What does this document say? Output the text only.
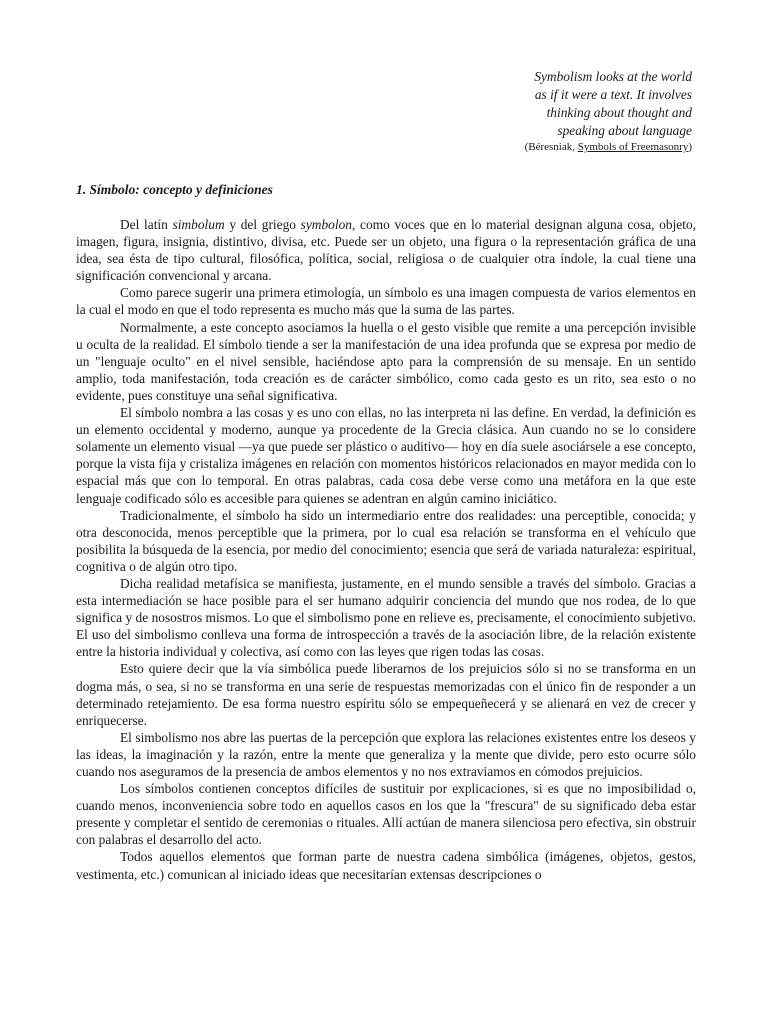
Symbolism looks at the world
as if it were a text. It involves
thinking about thought and
speaking about language
(Béresniak, Symbols of Freemasonry)
1. Símbolo: concepto y definiciones

Del latín simbolum y del griego symbolon, como voces que en lo material designan alguna cosa, objeto, imagen, figura, insignia, distintivo, divisa, etc. Puede ser un objeto, una figura o la representación gráfica de una idea, sea ésta de tipo cultural, filosófica, política, social, religiosa o de cualquier otra índole, la cual tiene una significación convencional y arcana.

Como parece sugerir una primera etimología, un símbolo es una imagen compuesta de varios elementos en la cual el modo en que el todo representa es mucho más que la suma de las partes.

Normalmente, a este concepto asociamos la huella o el gesto visible que remite a una percepción invisible u oculta de la realidad. El símbolo tiende a ser la manifestación de una idea profunda que se expresa por medio de un "lenguaje oculto" en el nivel sensible, haciéndose apto para la comprensión de su mensaje. En un sentido amplio, toda manifestación, toda creación es de carácter simbólico, como cada gesto es un rito, sea esto o no evidente, pues constituye una señal significativa.

El símbolo nombra a las cosas y es uno con ellas, no las interpreta ni las define. En verdad, la definición es un elemento occidental y moderno, aunque ya procedente de la Grecia clásica. Aun cuando no se lo considere solamente un elemento visual —ya que puede ser plástico o auditivo— hoy en día suele asociársele a ese concepto, porque la vista fija y cristaliza imágenes en relación con momentos históricos relacionados en mayor medida con lo espacial más que con lo temporal. En otras palabras, cada cosa debe verse como una metáfora en la que este lenguaje codificado sólo es accesible para quienes se adentran en algún camino iniciático.

Tradicionalmente, el símbolo ha sido un intermediario entre dos realidades: una perceptible, conocida; y otra desconocida, menos perceptible que la primera, por lo cual esa relación se transforma en el vehículo que posibilita la búsqueda de la esencia, por medio del conocimiento; esencia que será de variada naturaleza: espiritual, cognitiva o de algún otro tipo.

Dicha realidad metafísica se manifiesta, justamente, en el mundo sensible a través del símbolo. Gracias a esta intermediación se hace posible para el ser humano adquirir conciencia del mundo que nos rodea, de lo que significa y de nosostros mismos. Lo que el simbolismo pone en relieve es, precisamente, el conocimiento subjetivo. El uso del simbolismo conlleva una forma de introspección a través de la asociación libre, de la relación existente entre la historia individual y colectiva, así como con las leyes que rigen todas las cosas.

Esto quiere decir que la vía simbólica puede liberarnos de los prejuicios sólo si no se transforma en un dogma más, o sea, si no se transforma en una serie de respuestas memorizadas con el único fin de responder a un determinado retejamiento. De esa forma nuestro espíritu sólo se empequeñecerá y se alienará en vez de crecer y enriquecerse.

El simbolismo nos abre las puertas de la percepción que explora las relaciones existentes entre los deseos y las ideas, la imaginación y la razón, entre la mente que generaliza y la mente que divide, pero esto ocurre sólo cuando nos aseguramos de la presencia de ambos elementos y no nos extraviamos en cómodos prejuicios.

Los símbolos contienen conceptos difíciles de sustituir por explicaciones, si es que no imposibilidad o, cuando menos, inconveniencia sobre todo en aquellos casos en los que la "frescura" de su significado deba estar presente y completar el sentido de ceremonias o rituales. Allí actúan de manera silenciosa pero efectiva, sin obstruir con palabras el desarrollo del acto.

Todos aquellos elementos que forman parte de nuestra cadena simbólica (imágenes, objetos, gestos, vestimenta, etc.) comunican al iniciado ideas que necesitarían extensas descripciones o
